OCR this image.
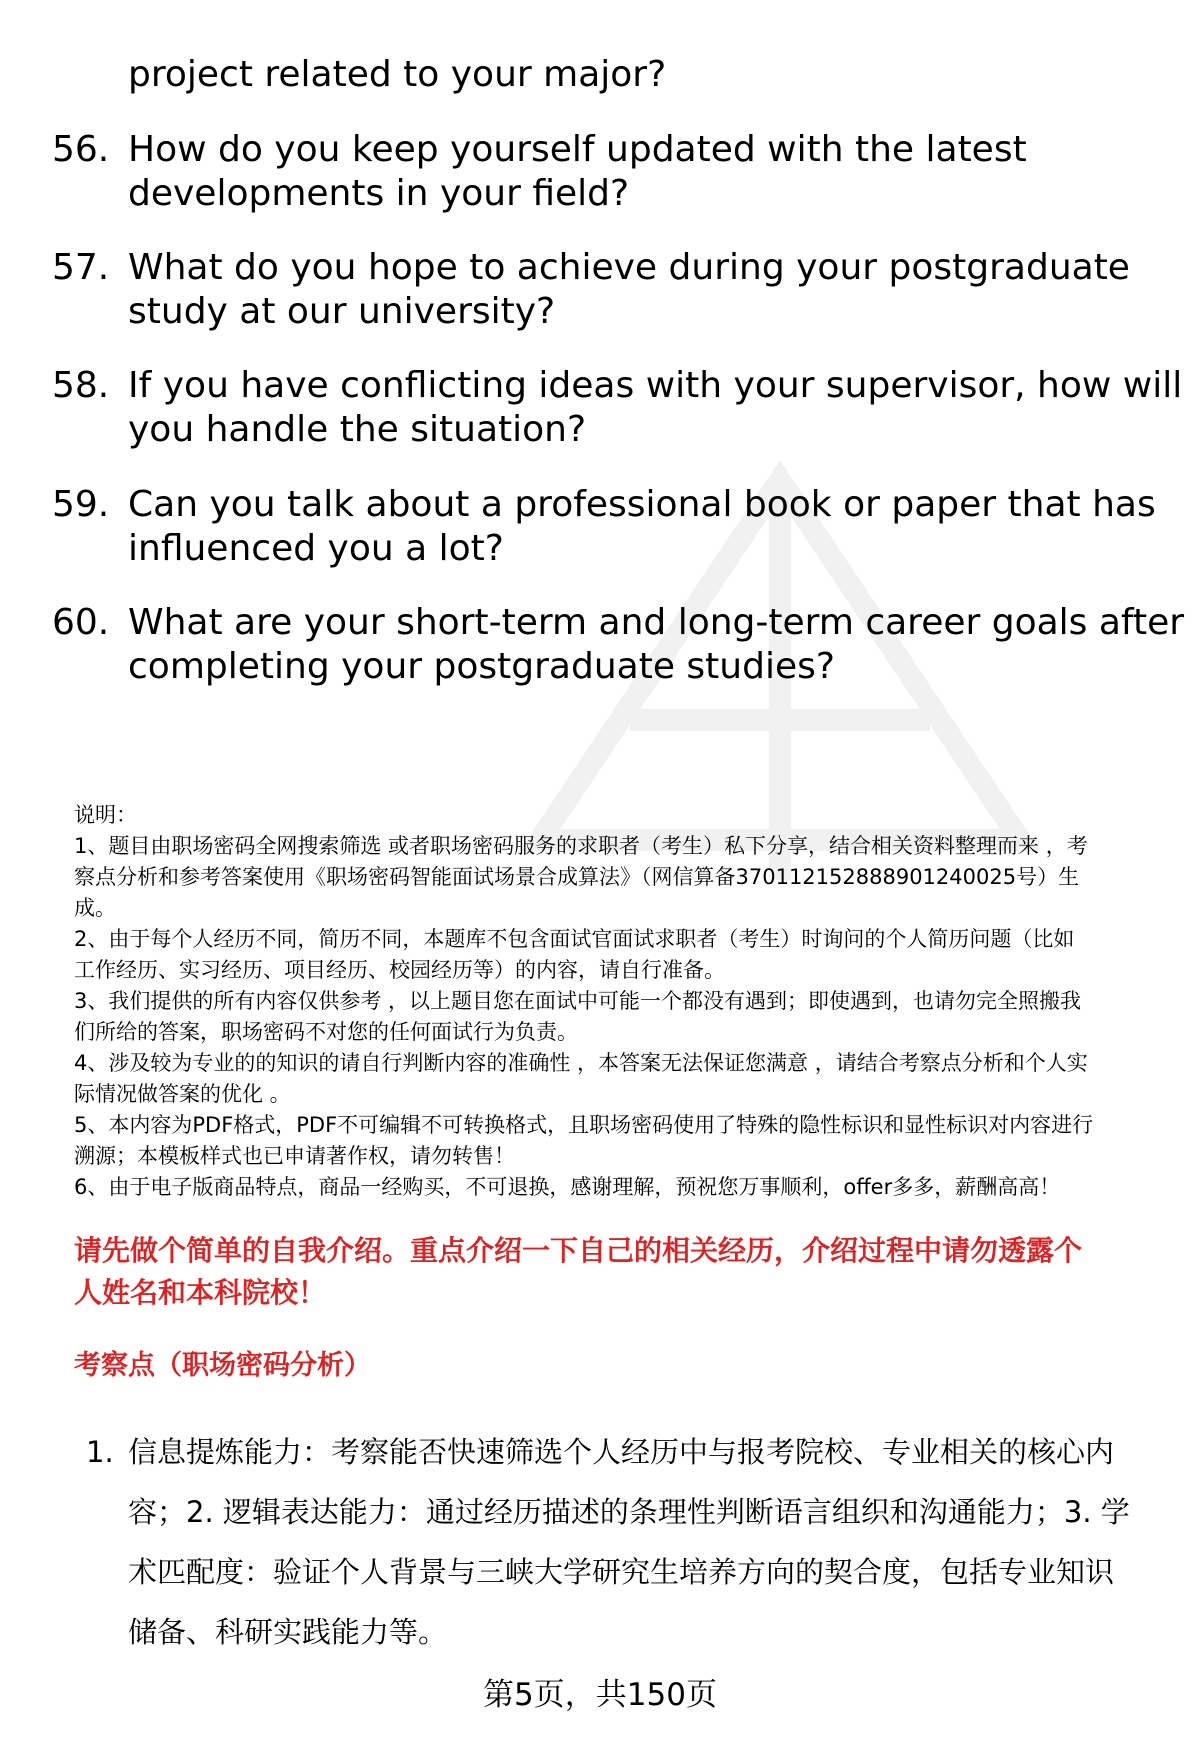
project related to your major?
56. How do you keep yourself updated with the latest
developments in your field?
57. What do you hope to achieve during your postgraduate
study at our university?
58. If you have conflicting ideas with your supervisor, how will
you handle the situation?
59. Can you talk about a professional book or paper that has
influenced you a lot?
60. What are your short-term and long-term career goals after
completing your postgraduate studies?
说明：
1、题目由职场密码全网搜索筛选 或者职场密码服务的求职者（考生）私下分享，结合相关资料整理而来 ，考
察点分析和参考答案使用《职场密码智能面试场景合成算法》（网信算备370112152888901240025号）生
成。
2、由于每个人经历不同，简历不同，本题库不包含面试官面试求职者（考生）时询问的个人简历问题（比如
工作经历、实习经历、项目经历、校园经历等）的内容，请自行准备。
3、我们提供的所有内容仅供参考 ，以上题目您在面试中可能一个都没有遇到；即使遇到，也请勿完全照搬我
们所给的答案，职场密码不对您的任何面试行为负责。
4、涉及较为专业的的知识的请自行判断内容的准确性 ，本答案无法保证您满意 ，请结合考察点分析和个人实
际情况做答案的优化 。
5、本内容为PDF格式，PDF不可编辑不可转换格式，且职场密码使用了特殊的隐性标识和显性标识对内容进行
溯源；本模板样式也已申请著作权，请勿转售！
6、由于电子版商品特点，商品一经购买，不可退换，感谢理解，预祝您万事顺利，offer多多，薪酬高高！
请先做个简单的自我介绍。重点介绍一下自己的相关经历，介绍过程中请勿透露个
人姓名和本科院校！
考察点（职场密码分析）
1. 信息提炼能力：考察能否快速筛选个人经历中与报考院校、专业相关的核心内
容；2. 逻辑表达能力：通过经历描述的条理性判断语言组织和沟通能力；3. 学
术匹配度：验证个人背景与三峡大学研究生培养方向的契合度，包括专业知识
储备、科研实践能力等。
第5页，共150页
